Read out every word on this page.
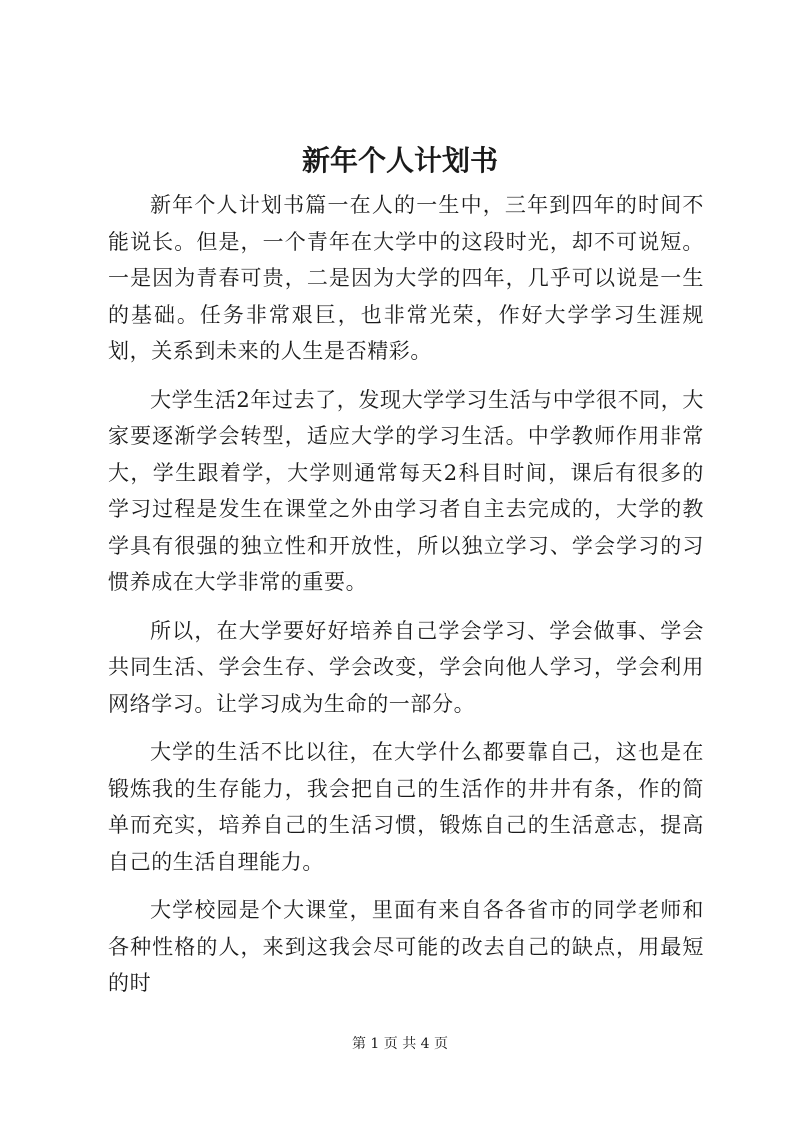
新年个人计划书

新年个人计划书篇一在人的一生中，三年到四年的时间不能说长。但是，一个青年在大学中的这段时光，却不可说短。一是因为青春可贵，二是因为大学的四年，几乎可以说是一生的基础。任务非常艰巨，也非常光荣，作好大学学习生涯规划，关系到未来的人生是否精彩。

大学生活2年过去了，发现大学学习生活与中学很不同，大家要逐渐学会转型，适应大学的学习生活。中学教师作用非常大，学生跟着学，大学则通常每天2科目时间，课后有很多的学习过程是发生在课堂之外由学习者自主去完成的，大学的教学具有很强的独立性和开放性，所以独立学习、学会学习的习惯养成在大学非常的重要。

所以，在大学要好好培养自己学会学习、学会做事、学会共同生活、学会生存、学会改变，学会向他人学习，学会利用网络学习。让学习成为生命的一部分。

大学的生活不比以往，在大学什么都要靠自己，这也是在锻炼我的生存能力，我会把自己的生活作的井井有条，作的简单而充实，培养自己的生活习惯，锻炼自己的生活意志，提高自己的生活自理能力。

大学校园是个大课堂，里面有来自各各省市的同学老师和各种性格的人，来到这我会尽可能的改去自己的缺点，用最短的时

第 1 页 共 4 页
